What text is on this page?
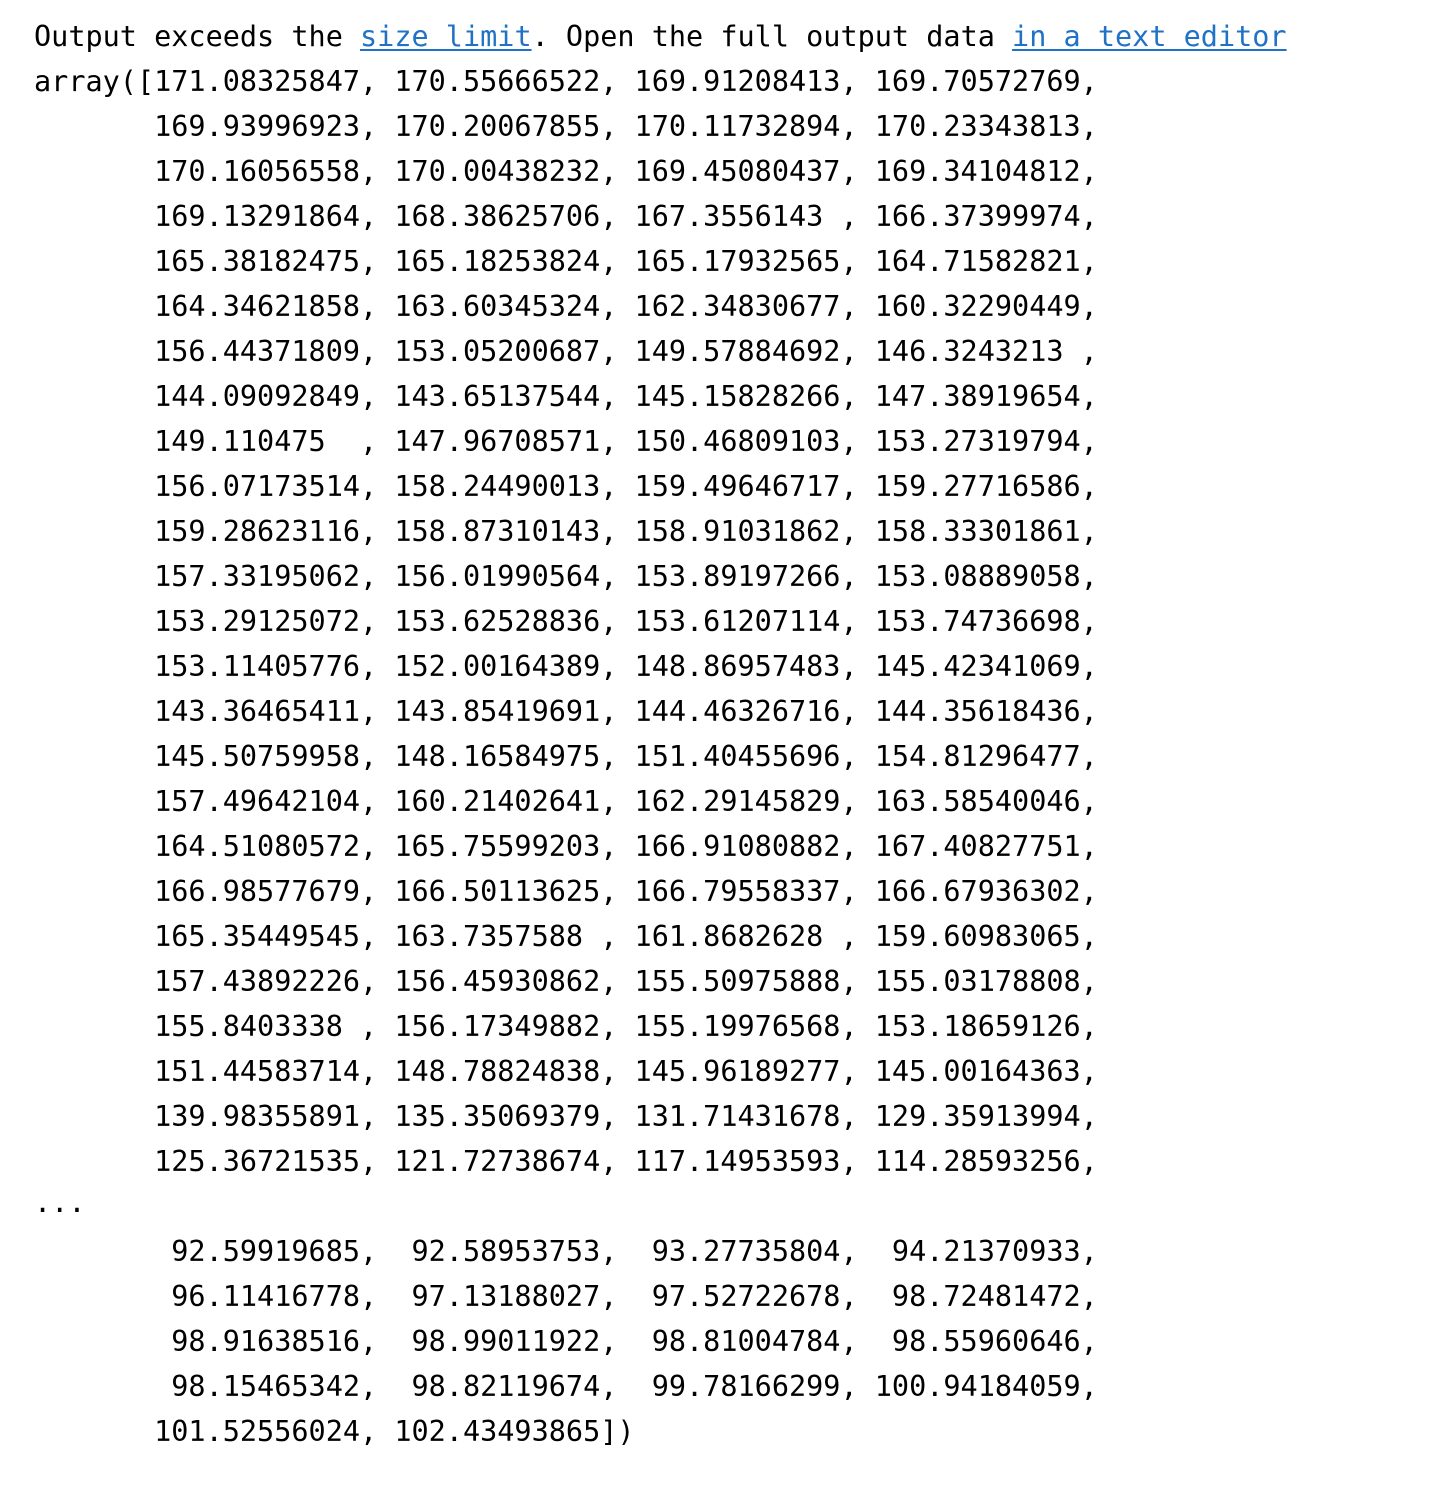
Output exceeds the size limit. Open the full output data in a text editor
array([171.08325847, 170.55666522, 169.91208413, 169.70572769,
169.93996923, 170.20067855, 170.11732894, 170.23343813,
170.16056558, 170.00438232, 169.45080437, 169.34104812,
169.13291864, 168.38625706, 167.3556143 , 166.37399974,
165.38182475, 165.18253824, 165.17932565, 164.71582821,
164.34621858, 163.60345324, 162.34830677, 160.32290449,
156.44371809, 153.05200687, 149.57884692, 146.3243213 ,
144.09092849, 143.65137544, 145.15828266, 147.38919654,
149.110475  , 147.96708571, 150.46809103, 153.27319794,
156.07173514, 158.24490013, 159.49646717, 159.27716586,
159.28623116, 158.87310143, 158.91031862, 158.33301861,
157.33195062, 156.01990564, 153.89197266, 153.08889058,
153.29125072, 153.62528836, 153.61207114, 153.74736698,
153.11405776, 152.00164389, 148.86957483, 145.42341069,
143.36465411, 143.85419691, 144.46326716, 144.35618436,
145.50759958, 148.16584975, 151.40455696, 154.81296477,
157.49642104, 160.21402641, 162.29145829, 163.58540046,
164.51080572, 165.75599203, 166.91080882, 167.40827751,
166.98577679, 166.50113625, 166.79558337, 166.67936302,
165.35449545, 163.7357588 , 161.8682628 , 159.60983065,
157.43892226, 156.45930862, 155.50975888, 155.03178808,
155.8403338 , 156.17349882, 155.19976568, 153.18659126,
151.44583714, 148.78824838, 145.96189277, 145.00164363,
139.98355891, 135.35069379, 131.71431678, 129.35913994,
125.36721535, 121.72738674, 117.14953593, 114.28593256,
...
92.59919685,  92.58953753,  93.27735804,  94.21370933,
96.11416778,  97.13188027,  97.52722678,  98.72481472,
98.91638516,  98.99011922,  98.81004784,  98.55960646,
98.15465342,  98.82119674,  99.78166299, 100.94184059,
101.52556024, 102.43493865])
